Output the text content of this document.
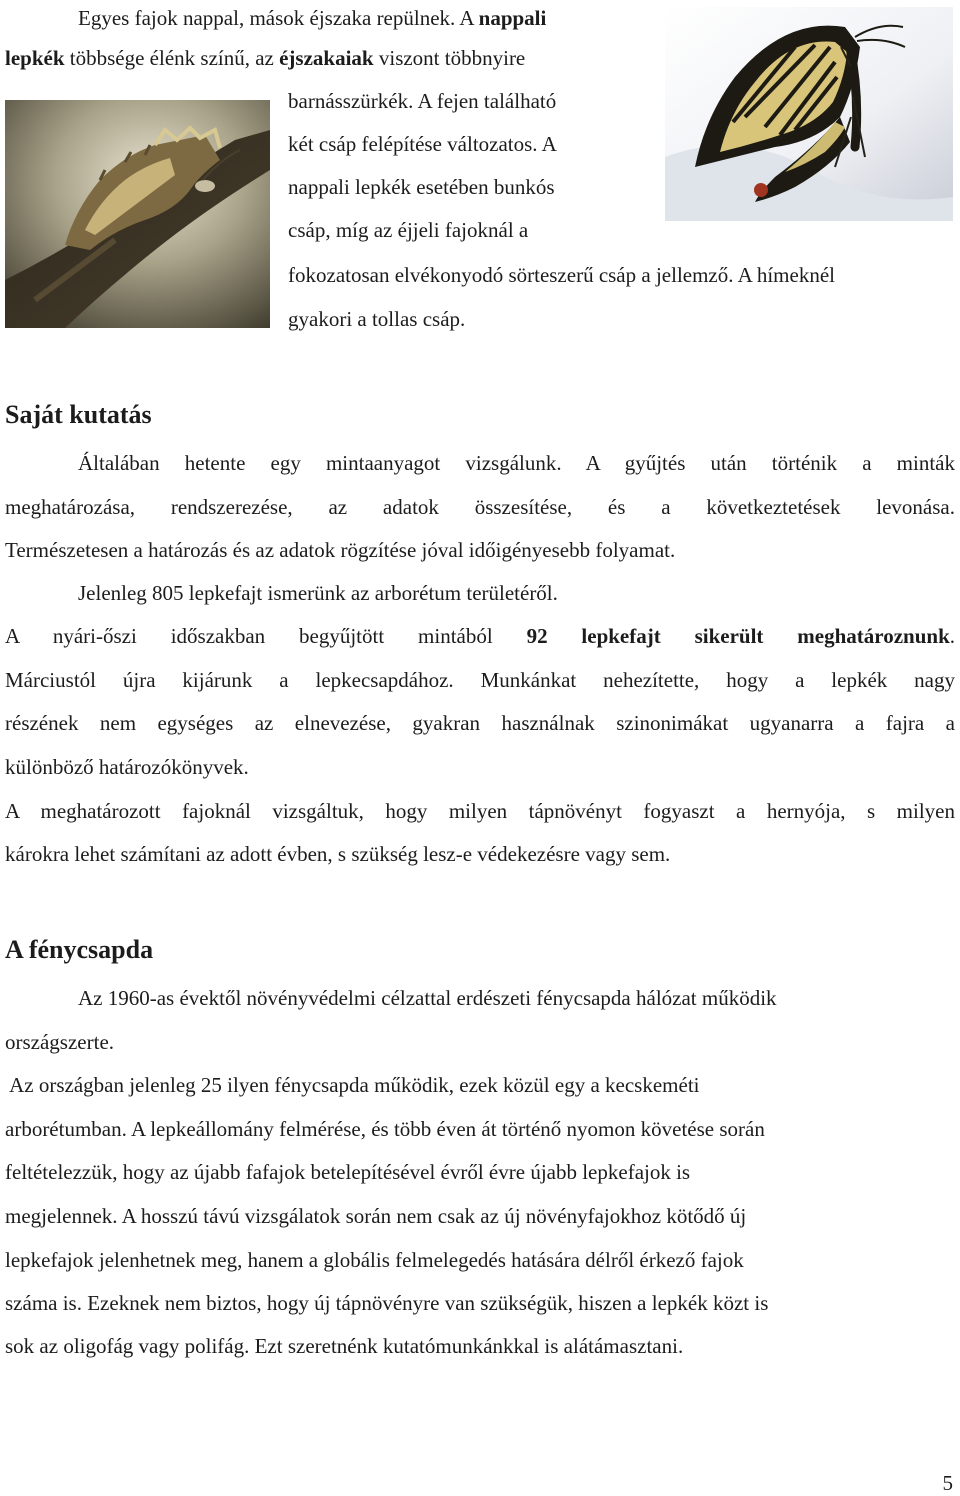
Egyes fajok nappal, mások éjszaka repülnek. A nappali
lepkék többsége élénk színű, az éjszakaiak viszont többnyire
barnásszürkék. A fejen található
két csáp felépítése változatos. A
nappali lepkék esetében bunkós
csáp, míg az éjjeli fajoknál a
fokozatosan elvékonyodó sörteszerű csáp a jellemző. A hímeknél
gyakori a tollas csáp.
Saját kutatás
Általában hetente egy mintaanyagot vizsgálunk. A gyűjtés után történik a minták
meghatározása, rendszerezése, az adatok összesítése, és a következtetések levonása.
Természetesen a határozás és az adatok rögzítése jóval időigényesebb folyamat.
Jelenleg 805 lepkefajt ismerünk az arborétum területéről.
A nyári-őszi időszakban begyűjtött mintából 92 lepkefajt sikerült meghatároznunk.
Márciustól újra kijárunk a lepkecsapdához. Munkánkat nehezítette, hogy a lepkék nagy
részének nem egységes az elnevezése, gyakran használnak szinonimákat ugyanarra a fajra a
különböző határozókönyvek.
A meghatározott fajoknál vizsgáltuk, hogy milyen tápnövényt fogyaszt a hernyója, s milyen
károkra lehet számítani az adott évben, s szükség lesz-e védekezésre vagy sem.
A fénycsapda
Az 1960-as évektől növényvédelmi célzattal erdészeti fénycsapda hálózat működik
országszerte.
Az országban jelenleg 25 ilyen fénycsapda működik, ezek közül egy a kecskeméti
arborétumban. A lepkeállomány felmérése, és több éven át történő nyomon követése során
feltételezzük, hogy az újabb fafajok betelepítésével évről évre újabb lepkefajok is
megjelennek. A hosszú távú vizsgálatok során nem csak az új növényfajokhoz kötődő új
lepkefajok jelenhetnek meg, hanem a globális felmelegedés hatására délről érkező fajok
száma is. Ezeknek nem biztos, hogy új tápnövényre van szükségük, hiszen a lepkék közt is
sok az oligofág vagy polifág. Ezt szeretnénk kutatómunkánkkal is alátámasztani.
5
